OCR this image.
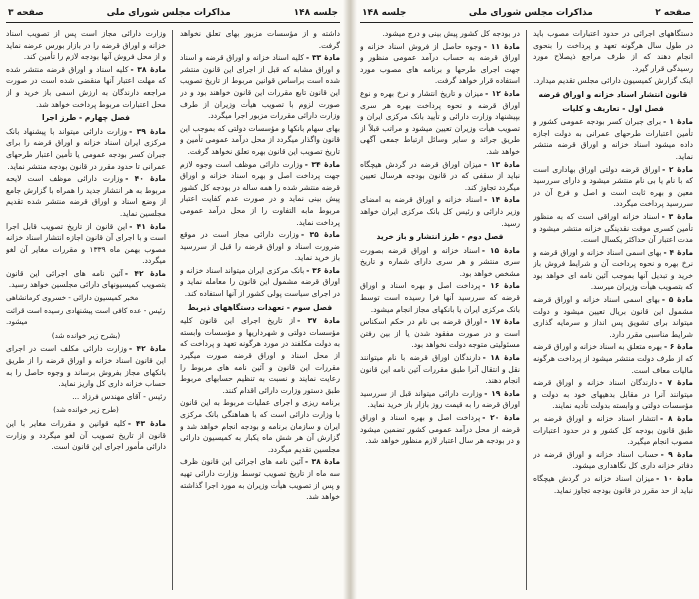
جلسه ۱۴۸
مذاکرات مجلس شورای ملی
صفحه ۳

داشته و از مؤسسات مزبور بهای تعلق نخواهد گرفت.

مادهٔ ۳۳ -کلیه اسناد خزانه و اوراق قرضه و اسناد و اوراق مشابه که قبل از اجرای این قانون منتشر شده است براساس قوانین مربوط از تاریخ تصویب این قانون تابع مقررات این قانون خواهند بود و در صورت لزوم با تصویب هیأت وزیران از طرف وزارت دارائی مقررات مزبور اجرا میگردد.

بهای سهام بانکها و مؤسسات دولتی که بموجب این قانون واگذار میگردد از محل درآمد عمومی تأمین و تاریخ تصویب این قانون بهره تعلق نخواهد گرفت.

مادهٔ ۳۴ -وزارت دارائی موظف است وجوه لازم جهت پرداخت اصل و بهره اسناد خزانه و اوراق قرضه منتشر شده را همه ساله در بودجه کل کشور پیش بینی نماید و در صورت عدم کفایت اعتبار مربوط مابه التفاوت را از محل درآمد عمومی پرداخت نماید.

مادهٔ ۳۵ -وزارت دارائی مجاز است در موقع ضرورت اسناد و اوراق قرضه را قبل از سررسید باز خرید نماید.

مادهٔ ۳۶ -بانک مرکزی ایران میتواند اسناد خزانه و اوراق قرضه مشمول این قانون را معامله نماید و در اجرای سیاست پولی کشور از آنها استفاده کند.

فصل سوم - تعهدات دستگاههای ذیربط

مادهٔ ۳۷ -از تاریخ اجرای این قانون کلیه مؤسسات دولتی و شهرداریها و مؤسسات وابسته به دولت مکلفند در مورد هرگونه تعهد و پرداخت که از محل اسناد و اوراق قرضه صورت میگیرد مقررات این قانون و آئین نامه های مربوط را رعایت نمایند و نسبت به تنظیم حسابهای مربوط طبق دستور وزارت دارائی اقدام کنند.

برنامه ریزی و اجرای عملیات مربوط به این قانون با وزارت دارائی است که با هماهنگی بانک مرکزی ایران و سازمان برنامه و بودجه انجام خواهد شد و گزارش آن هر شش ماه یکبار به کمیسیون دارائی مجلسین تقدیم میگردد.

مادهٔ ۳۸ -آئین نامه های اجرائی این قانون ظرف سه ماه از تاریخ تصویب توسط وزارت دارائی تهیه و پس از تصویب هیأت وزیران به مورد اجرا گذاشته خواهد شد.

وزارت دارائی مجاز است پس از تصویب اسناد خزانه و اوراق قرضه را در بازار بورس عرضه نماید و از محل فروش آنها بودجه لازم را تأمین کند.

مادهٔ ۳۸ -کلیه اسناد و اوراق قرضه منتشر شده که مهلت اعتبار آنها منقضی شده است در صورت مراجعه دارندگان به ارزش اسمی باز خرید و از محل اعتبارات مربوط پرداخت خواهد شد.

فصل چهارم - طرز اجرا

مادهٔ ۳۹ -وزارت دارائی میتواند با پیشنهاد بانک مرکزی ایران اسناد خزانه و اوراق قرضه را برای جبران کسر بودجه عمومی یا تأمین اعتبار طرحهای عمرانی تا حدود مقرر در قانون بودجه منتشر نماید.

مادهٔ ۴۰ -وزارت دارائی موظف است لایحه مربوط به هر انتشار جدید را همراه با گزارش جامع از وضع اسناد و اوراق قرضه منتشر شده تقدیم مجلسین نماید.

مادهٔ ۴۱ -این قانون از تاریخ تصویب قابل اجرا است و با اجرای آن قانون اجازه انتشار اسناد خزانه مصوب بهمن ماه ۱۳۳۹ و مقررات مغایر آن لغو میگردد.

مادهٔ ۴۲ -آئین نامه های اجرائی این قانون بتصویب کمیسیونهای دارائی مجلسین خواهد رسید.

مخبر کمیسیون دارائی - خسروی کرمانشاهی

رئیس - عده کافی است پیشنهادی رسیده است قرائت میشود.

(بشرح زیر خوانده شد)

مادهٔ ۴۲ -وزارت دارائی مکلف است در اجرای این قانون اسناد خزانه و اوراق قرضه را از طریق بانکهای مجاز بفروش برساند و وجوه حاصل را به حساب خزانه داری کل واریز نماید.

رئیس - آقای مهندس فرزاد ...

(طرح زیر خوانده شد)

مادهٔ ۴۳ -کلیه قوانین و مقررات مغایر با این قانون از تاریخ تصویب آن لغو میگردد و وزارت دارائی مأمور اجرای این قانون است.

صفحه ۲
مذاکرات مجلس شورای ملی
جلسه ۱۴۸

دستگاههای اجرائی در حدود اعتبارات مصوب باید در طول سال هرگونه تعهد و پرداخت را بنحوی انجام دهند که از طرف مراجع ذیصلاح مورد رسیدگی قرار گیرد.

اینک گزارش کمیسیون دارائی مجلس تقدیم میدارد.

قانون انتشار اسناد خزانه و اوراق قرضه

فصل اول - تعاریف و کلیات

مادهٔ ۱ -برای جبران کسر بودجه عمومی کشور و تأمین اعتبارات طرحهای عمرانی به دولت اجازه داده میشود اسناد خزانه و اوراق قرضه منتشر نماید.

مادهٔ ۲ -اوراق قرضه دولتی اوراق بهاداری است که با نام یا بی نام منتشر میشود و دارای سررسید معین و بهره ثابت است و اصل و فرع آن در سررسید پرداخت میگردد.

مادهٔ ۳ -اسناد خزانه اوراقی است که به منظور تأمین کسری موقت نقدینگی خزانه منتشر میشود و مدت اعتبار آن حداکثر یکسال است.

مادهٔ ۴ -بهای اسمی اسناد خزانه و اوراق قرضه و نرخ بهره و نحوه پرداخت آن و شرایط فروش باز خرید و تبدیل آنها بموجب آئین نامه ای خواهد بود که بتصویب هیأت وزیران میرسد.

مادهٔ ۵ -بهای اسمی اسناد خزانه و اوراق قرضه مشمول این قانون بریال تعیین میشود و دولت میتواند برای تشویق پس انداز و سرمایه گذاری شرایط مناسبی مقرر دارد.

مادهٔ ۶ -بهره متعلق به اسناد خزانه و اوراق قرضه که از طرف دولت منتشر میشود از پرداخت هرگونه مالیات معاف است.

مادهٔ ۷ -دارندگان اسناد خزانه و اوراق قرضه میتوانند آنرا در مقابل بدهیهای خود به دولت و مؤسسات دولتی و وابسته بدولت تأدیه نمایند.

مادهٔ ۸ -انتشار اسناد خزانه و اوراق قرضه بر طبق قانون بودجه کل کشور و در حدود اعتبارات مصوب انجام میگیرد.

مادهٔ ۹ -حساب اسناد خزانه و اوراق قرضه در دفاتر خزانه داری کل نگاهداری میشود.

مادهٔ ۱۰ -میزان اسناد خزانه در گردش هیچگاه نباید از حد مقرر در قانون بودجه تجاوز نماید.

در بودجه کل کشور پیش بینی و درج میشود.

مادهٔ ۱۱ -وجوه حاصل از فروش اسناد خزانه و اوراق قرضه به حساب درآمد عمومی منظور و جهت اجرای طرحها و برنامه های مصوب مورد استفاده قرار خواهد گرفت.

مادهٔ ۱۲ -میزان و تاریخ انتشار و نرخ بهره و نوع اوراق قرضه و نحوه پرداخت بهره هر سری بپیشنهاد وزارت دارائی و تأیید بانک مرکزی ایران و تصویب هیأت وزیران تعیین میشود و مراتب قبلاً از طریق جرائد و سایر وسائل ارتباط جمعی آگهی خواهد شد.

مادهٔ ۱۳ -میزان اوراق قرضه در گردش هیچگاه نباید از سقفی که در قانون بودجه هرسال تعیین میگردد تجاوز کند.

مادهٔ ۱۴ -اسناد خزانه و اوراق قرضه به امضای وزیر دارائی و رئیس کل بانک مرکزی ایران خواهد رسید.

فصل دوم - طرز انتشار و باز خرید

مادهٔ ۱۵ -اسناد خزانه و اوراق قرضه بصورت سری منتشر و هر سری دارای شماره و تاریخ مشخص خواهد بود.

مادهٔ ۱۶ -پرداخت اصل و بهره اسناد و اوراق قرضه که سررسید آنها فرا رسیده است توسط بانک مرکزی ایران یا بانکهای مجاز انجام میشود.

مادهٔ ۱۷ -اوراق قرضه بی نام در حکم اسکناس است و در صورت مفقود شدن یا از بین رفتن مسئولیتی متوجه دولت نخواهد بود.

مادهٔ ۱۸ -دارندگان اوراق قرضه با نام میتوانند نقل و انتقال آنرا طبق مقررات آئین نامه این قانون انجام دهند.

مادهٔ ۱۹ -وزارت دارائی میتواند قبل از سررسید اوراق قرضه را به قیمت روز بازار باز خرید نماید.

مادهٔ ۲۰ -پرداخت اصل و بهره اسناد و اوراق قرضه از محل درآمد عمومی کشور تضمین میشود و در بودجه هر سال اعتبار لازم منظور خواهد شد.
